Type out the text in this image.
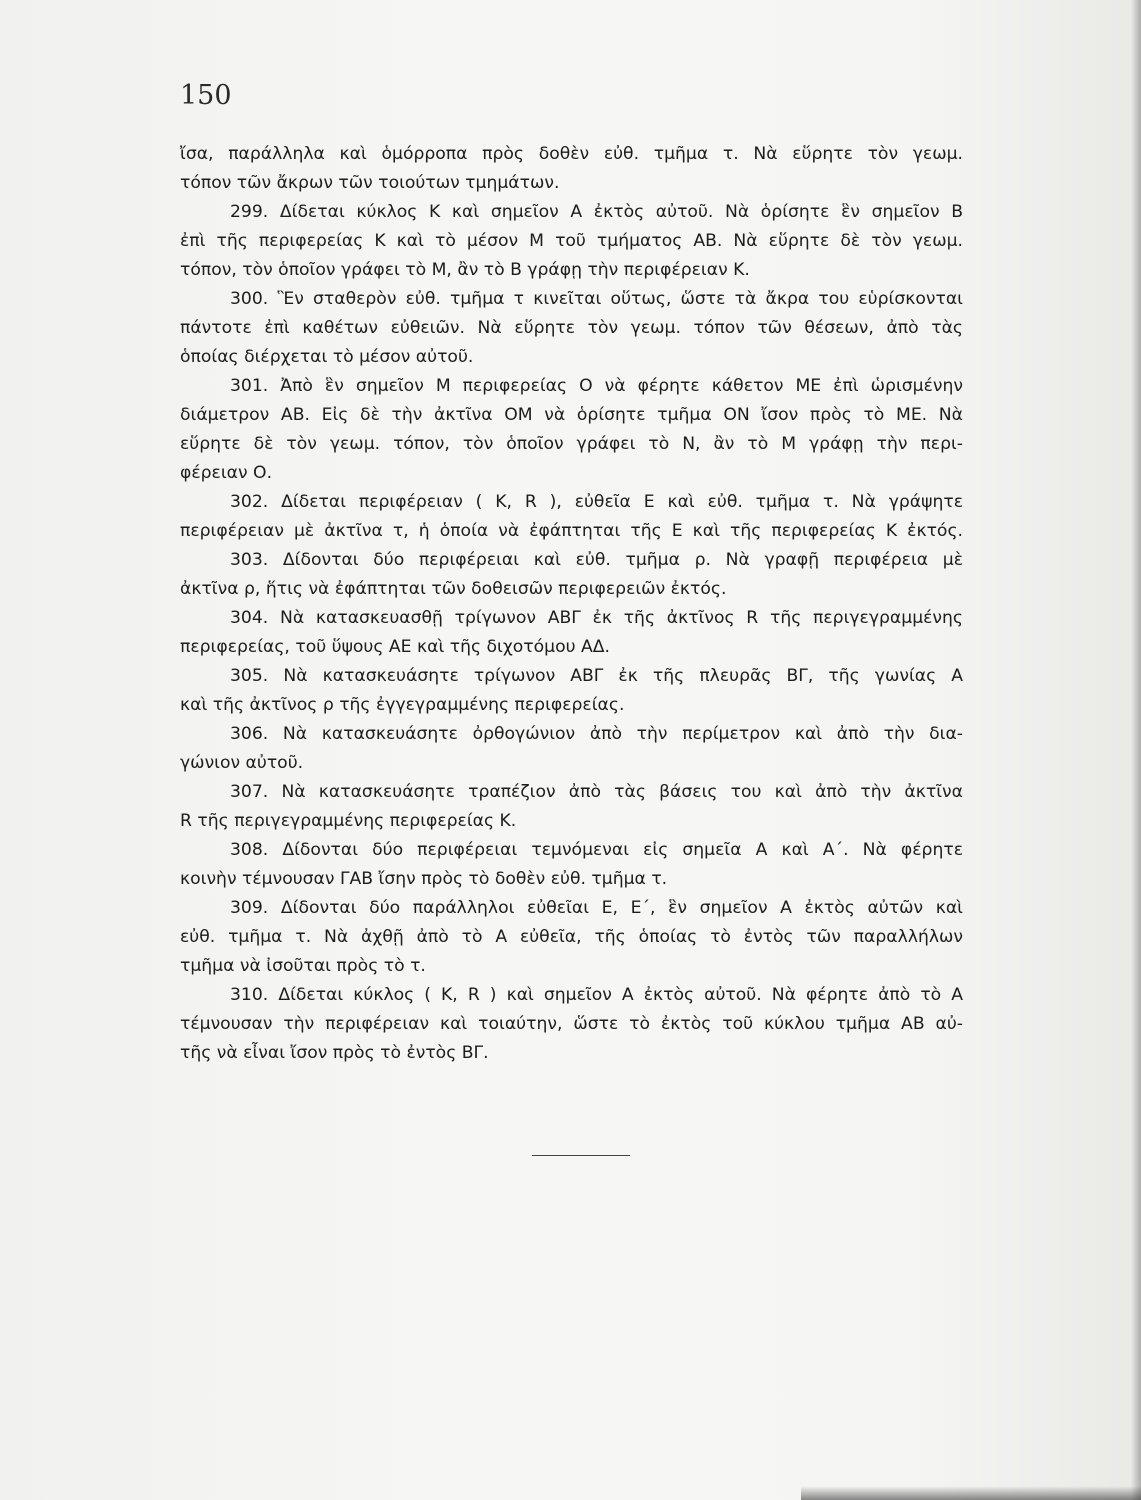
150
ἴσα, παράλληλα καὶ ὁμόρροπα πρὸς δοθὲν εὐθ. τμῆμα τ. Νὰ εὕρητε τὸν γεωμ.
τόπον τῶν ἄκρων τῶν τοιούτων τμημάτων.
299. Δίδεται κύκλος Κ καὶ σημεῖον Α ἐκτὸς αὐτοῦ. Νὰ ὁρίσητε ἓν σημεῖον Β
ἐπὶ τῆς περιφερείας Κ καὶ τὸ μέσον Μ τοῦ τμήματος ΑΒ. Νὰ εὕρητε δὲ τὸν γεωμ.
τόπον, τὸν ὁποῖον γράφει τὸ Μ, ἂν τὸ Β γράφῃ τὴν περιφέρειαν Κ.
300. Ἓν σταθερὸν εὐθ. τμῆμα τ κινεῖται οὕτως, ὥστε τὰ ἄκρα του εὑρίσκονται
πάντοτε ἐπὶ καθέτων εὐθειῶν. Νὰ εὕρητε τὸν γεωμ. τόπον τῶν θέσεων, ἀπὸ τὰς
ὁποίας διέρχεται τὸ μέσον αὐτοῦ.
301. Ἀπὸ ἓν σημεῖον Μ περιφερείας Ο νὰ φέρητε κάθετον ΜΕ ἐπὶ ὡρισμένην
διάμετρον ΑΒ. Εἰς δὲ τὴν ἀκτῖνα ΟΜ νὰ ὁρίσητε τμῆμα ΟΝ ἴσον πρὸς τὸ ΜΕ. Νὰ
εὕρητε δὲ τὸν γεωμ. τόπον, τὸν ὁποῖον γράφει τὸ Ν, ἂν τὸ Μ γράφῃ τὴν περι-
φέρειαν Ο.
302. Δίδεται περιφέρειαν ( Κ, R ), εὐθεῖα Ε καὶ εὐθ. τμῆμα τ. Νὰ γράψητε
περιφέρειαν μὲ ἀκτῖνα τ, ἡ ὁποία νὰ ἐφάπτηται τῆς Ε καὶ τῆς περιφερείας Κ ἐκτός.
303. Δίδονται δύο περιφέρειαι καὶ εὐθ. τμῆμα ρ. Νὰ γραφῇ περιφέρεια μὲ
ἀκτῖνα ρ, ἥτις νὰ ἐφάπτηται τῶν δοθεισῶν περιφερειῶν ἐκτός.
304. Νὰ κατασκευασθῇ τρίγωνον ΑΒΓ ἐκ τῆς ἀκτῖνος R τῆς περιγεγραμμένης
περιφερείας, τοῦ ὕψους ΑΕ καὶ τῆς διχοτόμου ΑΔ.
305. Νὰ κατασκευάσητε τρίγωνον ΑΒΓ ἐκ τῆς πλευρᾶς ΒΓ, τῆς γωνίας Α
καὶ τῆς ἀκτῖνος ρ τῆς ἐγγεγραμμένης περιφερείας.
306. Νὰ κατασκευάσητε ὀρθογώνιον ἀπὸ τὴν περίμετρον καὶ ἀπὸ τὴν δια-
γώνιον αὐτοῦ.
307. Νὰ κατασκευάσητε τραπέζιον ἀπὸ τὰς βάσεις του καὶ ἀπὸ τὴν ἀκτῖνα
R τῆς περιγεγραμμένης περιφερείας Κ.
308. Δίδονται δύο περιφέρειαι τεμνόμεναι εἰς σημεῖα Α καὶ Α΄. Νὰ φέρητε
κοινὴν τέμνουσαν ΓΑΒ ἴσην πρὸς τὸ δοθὲν εὐθ. τμῆμα τ.
309. Δίδονται δύο παράλληλοι εὐθεῖαι Ε, Ε΄, ἓν σημεῖον Α ἐκτὸς αὐτῶν καὶ
εὐθ. τμῆμα τ. Νὰ ἀχθῇ ἀπὸ τὸ Α εὐθεῖα, τῆς ὁποίας τὸ ἐντὸς τῶν παραλλήλων
τμῆμα νὰ ἰσοῦται πρὸς τὸ τ.
310. Δίδεται κύκλος ( Κ, R ) καὶ σημεῖον Α ἐκτὸς αὐτοῦ. Νὰ φέρητε ἀπὸ τὸ Α
τέμνουσαν τὴν περιφέρειαν καὶ τοιαύτην, ὥστε τὸ ἐκτὸς τοῦ κύκλου τμῆμα ΑΒ αὐ-
τῆς νὰ εἶναι ἴσον πρὸς τὸ ἐντὸς ΒΓ.
